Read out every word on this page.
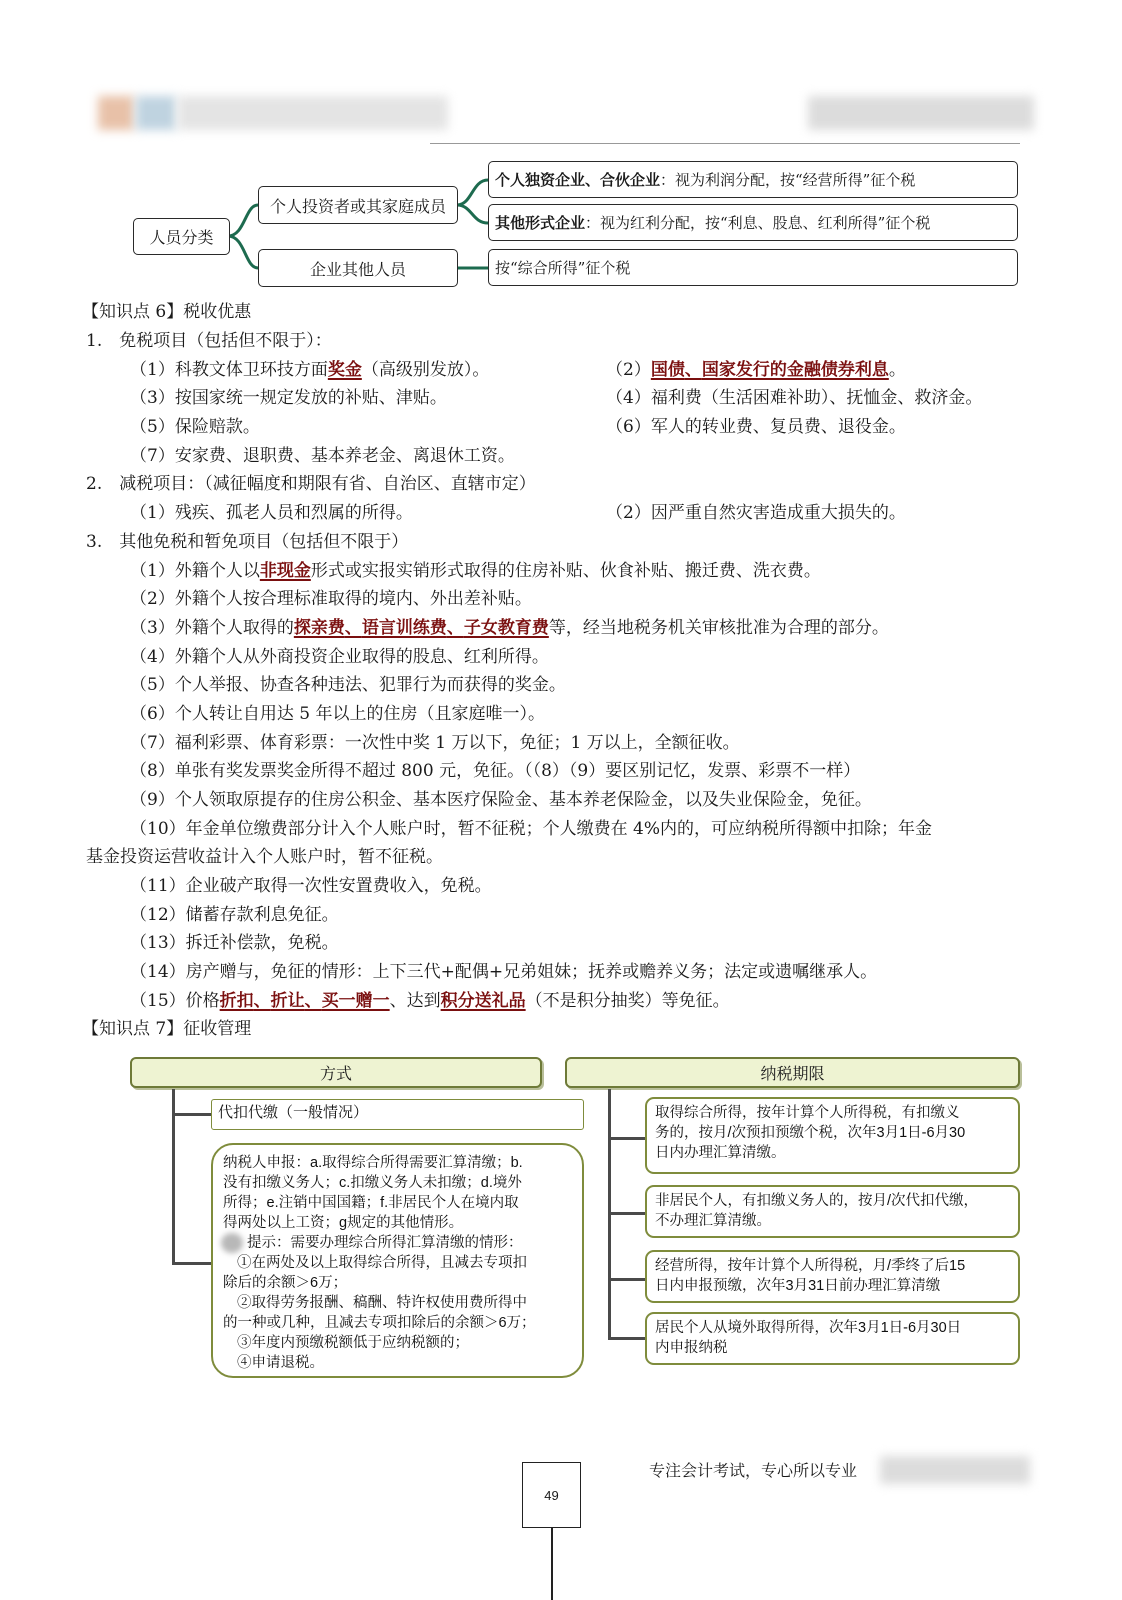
人员分类
个人投资者或其家庭成员
企业其他人员
个人独资企业、合伙企业 ：视为利润分配，按“经营所得”征个税
其他形式企业 ：视为红利分配，按“利息、股息、红利所得”征个税
按“综合所得”征个税
【知识点 6】税收优惠
1.　免税项目（包括但不限于）：
（1）科教文体卫环技方面奖金（高级别发放）。	（2）国债、国家发行的金融债券利息。
（3）按国家统一规定发放的补贴、津贴。	（4）福利费（生活困难补助）、抚恤金、救济金。
（5）保险赔款。	（6）军人的转业费、复员费、退役金。
（7）安家费、退职费、基本养老金、离退休工资。
2.　减税项目：（减征幅度和期限有省、自治区、直辖市定）
（1）残疾、孤老人员和烈属的所得。	（2）因严重自然灾害造成重大损失的。
3.　其他免税和暂免项目（包括但不限于）
（1）外籍个人以非现金形式或实报实销形式取得的住房补贴、伙食补贴、搬迁费、洗衣费。
（2）外籍个人按合理标准取得的境内、外出差补贴。
（3）外籍个人取得的探亲费、语言训练费、子女教育费等，经当地税务机关审核批准为合理的部分。
（4）外籍个人从外商投资企业取得的股息、红利所得。
（5）个人举报、协查各种违法、犯罪行为而获得的奖金。
（6）个人转让自用达 5 年以上的住房（且家庭唯一）。
（7）福利彩票、体育彩票：一次性中奖 1 万以下，免征；1 万以上，全额征收。
（8）单张有奖发票奖金所得不超过 800 元，免征。（（8）（9）要区别记忆，发票、彩票不一样）
（9）个人领取原提存的住房公积金、基本医疗保险金、基本养老保险金，以及失业保险金，免征。
（10）年金单位缴费部分计入个人账户时，暂不征税；个人缴费在 4%内的，可应纳税所得额中扣除；年金
基金投资运营收益计入个人账户时，暂不征税。
（11）企业破产取得一次性安置费收入，免税。
（12）储蓄存款利息免征。
（13）拆迁补偿款，免税。
（14）房产赠与，免征的情形：上下三代+配偶+兄弟姐妹；抚养或赡养义务；法定或遗嘱继承人。
（15）价格折扣、折让、买一赠一、达到积分送礼品（不是积分抽奖）等免征。
【知识点 7】征收管理
方式	纳税期限
代扣代缴（一般情况）
纳税人申报：a.取得综合所得需要汇算清缴；b.
没有扣缴义务人；c.扣缴义务人未扣缴；d.境外
所得；e.注销中国国籍；f.非居民个人在境内取
得两处以上工资；g规定的其他情形。
提示：需要办理综合所得汇算清缴的情形：
①在两处及以上取得综合所得，且减去专项扣
除后的余额＞6万；
②取得劳务报酬、稿酬、特许权使用费所得中
的一种或几种，且减去专项扣除后的余额＞6万；
③年度内预缴税额低于应纳税额的；
④申请退税。
取得综合所得，按年计算个人所得税，有扣缴义
务的，按月/次预扣预缴个税，次年3月1日-6月30
日内办理汇算清缴。
非居民个人，有扣缴义务人的，按月/次代扣代缴，
不办理汇算清缴。
经营所得，按年计算个人所得税，月/季终了后15
日内申报预缴，次年3月31日前办理汇算清缴
居民个人从境外取得所得，次年3月1日-6月30日
内申报纳税
专注会计考试，专心所以专业
49
